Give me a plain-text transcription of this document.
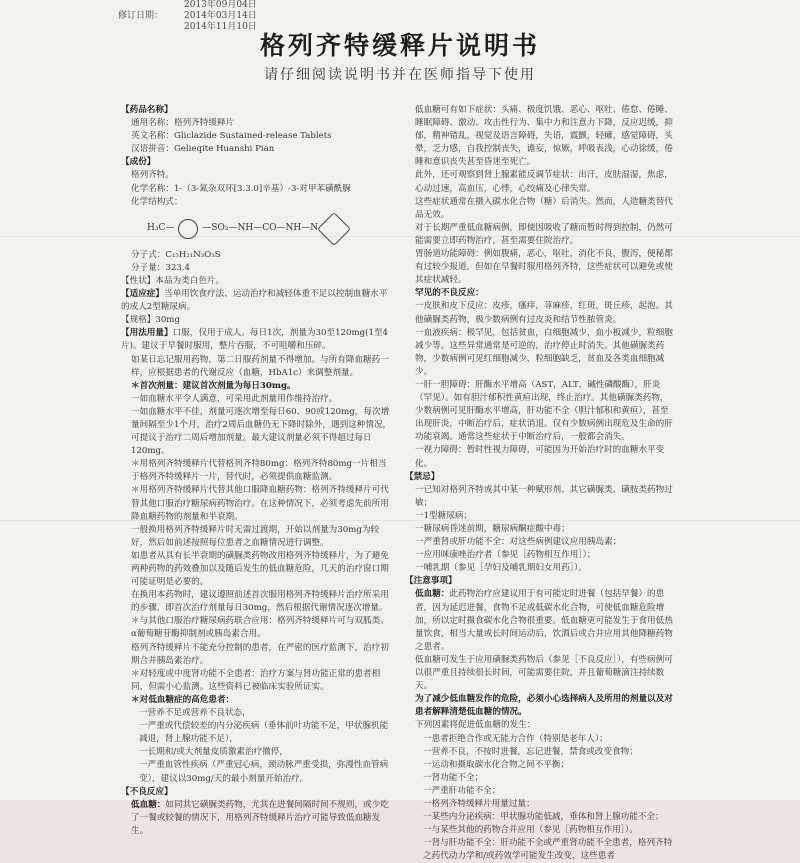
2013年09月04日
修订日期：	2014年03月14日
2014年11月10日
格列齐特缓释片说明书
请仔细阅读说明书并在医师指导下使用

【药品名称】

通用名称：格列齐特缓释片

英文名称：Gliclazide Sustained-release Tablets

汉语拼音：Gelieqite Huanshi Pian

【成份】

格列齐特。

化学名称：1-（3-氮杂双环[3.3.0]辛基）-3-对甲苯磺酰脲

化学结构式：

H₃C—	—SO₂—NH—CO—NH—N

分子式：C₁₅H₂₁N₃O₃S

分子量：323.4

【性状】本品为类白色片。

【适应症】当单用饮食疗法、运动治疗和减轻体重不足以控制血糖水平的成人2型糖尿病。

【规格】30mg

【用法用量】口服，仅用于成人。每日1次，剂量为30至120mg(1至4片)。建议于早餐时服用，整片吞服，不可咀嚼和压碎。

如某日忘记服用药物，第二日服药剂量不得增加。与所有降血糖药一样，应根据患者的代谢反应（血糖，HbA1c）来调整剂量。

＊首次剂量：建议首次剂量为每日30mg。

一如血糖水平令人满意，可采用此剂量用作维持治疗。

一如血糖水平不佳，剂量可逐次增至每日60、90或120mg，每次增量间隔至少1个月，治疗2周后血糖仍无下降时除外，遇到这种情况，可提议于治疗二周后增加剂量。最大建议剂量必须不得超过每日120mg。

＊用格列齐特缓释片代替格列齐特80mg：格列齐特80mg一片相当于格列齐特缓释片一片，替代时，必须提供血糖监测。

＊用格列齐特缓释片代替其他口服降血糖药物：格列齐特缓释片可代替其他口服治疗糖尿病药物治疗。在这种情况下，必须考虑先前所用降血糖药物的剂量和半衰期。

一般换用格列齐特缓释片时无需过渡期，开始以剂量为30mg为较好，然后如前述按照每位患者之血糖情况进行调整。

如患者从具有长半衰期的磺脲类药物改用格列齐特缓释片，为了避免两种药物的药效叠加以及随后发生的低血糖危险，几天的治疗窗口期可能证明是必要的。

在换用本药物时，建议遵照前述首次服用格列齐特缓释片治疗所采用的步骤，即首次治疗剂量每日30mg，然后根据代谢情况逐次增量。

＊与其他口服治疗糖尿病药联合应用：格列齐特缓释片可与双胍类、α葡萄糖苷酶抑制剂或胰岛素合用。

格列齐特缓释片不能充分控制的患者，在严密的医疗监测下，治疗初期合并胰岛素治疗。

＊对轻度或中度肾功能不全患者：治疗方案与肾功能正常的患者相同，但需小心监测。这些资料已被临床实验所证实。

＊对低血糖症的高危患者：

一营养不足或营养不良状态，

一严重或代偿较差的内分泌疾病（垂体前叶功能不足，甲状腺机能减退，肾上腺功能不足），

一长期和/或大剂量皮质激素治疗撤停，

一严重血管性疾病（严重冠心病，颈动脉严重受损，弥漫性血管病变），建议以30mg/天的最小剂量开始治疗。

【不良反应】

低血糖：如同其它磺脲类药物，尤其在进餐间隔时间不规则，或少吃了一餐或较餐的情况下，用格列齐特缓释片治疗可能导致低血糖发生。

低血糖可有如下症状：头痛、极度饥饿、恶心、呕吐、倦怠、倦睡、睡眠障碍、激动、攻击性行为、集中力和注意力下降，反应迟缓，抑郁，精神错乱，视觉及语言障碍，失语，震颤，轻瘫，感觉障碍，头晕，乏力感，自我控制丧失，谵妄，惊厥，呼吸表浅，心动徐缓，倦睡和意识丧失甚至昏迷至死亡。

此外，还可观察到肾上腺素能反调节症状：出汗，皮肤湿湿，焦虑，心动过速，高血压，心悸，心绞痛及心律失常。

这些症状通常在摄入碳水化合物（糖）后消失。然而，人造糖类替代品无效。

对于长期严重低血糖病例，即使因吸收了糖而暂时得到控制，仍然可能需要立即药物治疗，甚至需要住院治疗。

胃肠道功能障碍：例如腹痛，恶心，呕吐，消化不良，腹泻，便秘都有过较少报道，但如在早餐时服用格列齐特，这些症状可以避免或使其症状减轻。

罕见的不良反应：

一皮肤和皮下反应：皮疹，瘙痒，荨麻疹，红斑，斑丘疹，起泡。其他磺脲类药物，极少数病例有过皮炎和结节性脓管炎。

一血液疾病：极罕见，包括贫血，白细胞减少，血小板减少，粒细胞减少等。这些异常通常是可逆的，治疗停止时消失。其他磺脲类药物，少数病例可见红细胞减少，粒细胞缺乏，贫血及各类血细胞减少。

一肝一胆障碍：肝酶水平增高（AST，ALT，碱性磷酸酶），肝炎（罕见）。如有胆汁郁积性黄疸出现，终止治疗。其他磺脲类药物，少数病例可见肝酶水平增高，肝功能不全（胆汁郁积和黄疸），甚至出现肝炎，中断治疗后，症状消退。仅有少数病例出现危及生命的肝功能衰竭。通常这些症状于中断治疗后，一般都会消失。

一视力障碍：暂时性视力障碍，可能因为开始治疗时的血糖水平变化。

【禁忌】

一已知对格列齐特或其中某一种赋形剂、其它磺脲类、磺胺类药物过敏；

一1型糖尿病；

一糖尿病昏迷前期，糖尿病酮症酸中毒；

一严重肾或肝功能不全：对这些病例建议应用胰岛素；

一应用咪康唑治疗者（参见［药物相互作用］）；

一哺乳期（参见［孕妇及哺乳期妇女用药］）。

【注意事项】

低血糖：此药物治疗应建议用于有可能定时进餐（包括早餐）的患者，因为延迟进餐，食物不足或低碳水化合物，可使低血糖危险增加，所以定时摄食碳水化合物很重要。低血糖更可能发生于食用低热量饮食，相当大量或长时间运动后，饮酒后或合并应用其他降糖药物之患者。

低血糖可发生于应用磺脲类药物后（参见［不良反应］），有些病例可以很严重且持续很长时间，可能需要住院，并且葡萄糖滴注持续数天。

为了减少低血糖发作的危险，必须小心选择病人及所用的剂量以及对患者解释清楚低血糖的情况。

下列因素将促进低血糖的发生：

一患者拒绝合作或无能力合作（特别是老年人）；

一营养不良，不按时进餐，忘记进餐，禁食或改变食物；

一运动和摄取碳水化合物之间不平衡；

一肾功能不全；

一严重肝功能不全；

一格列齐特缓释片用量过量；

一某些内分泌疾病：甲状腺功能低减，垂体和肾上腺功能不全；

一与某些其他的药物合并应用（参见［药物相互作用］）。

一肾与肝功能不全：肝功能不全或严重肾功能不全患者，格列齐特之药代动力学和/或药效学可能发生改变，这些患者
